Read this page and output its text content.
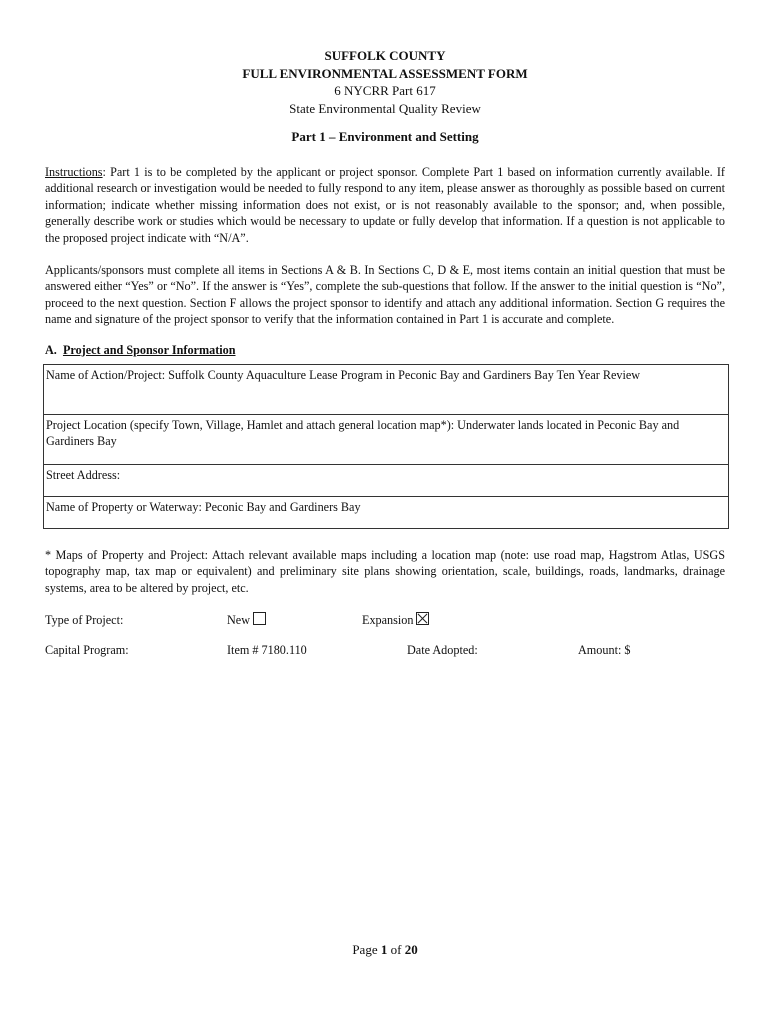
SUFFOLK COUNTY
FULL ENVIRONMENTAL ASSESSMENT FORM
6 NYCRR Part 617
State Environmental Quality Review
Part 1 – Environment and Setting
Instructions: Part 1 is to be completed by the applicant or project sponsor. Complete Part 1 based on information currently available. If additional research or investigation would be needed to fully respond to any item, please answer as thoroughly as possible based on current information; indicate whether missing information does not exist, or is not reasonably available to the sponsor; and, when possible, generally describe work or studies which would be necessary to update or fully develop that information. If a question is not applicable to the proposed project indicate with “N/A”.
Applicants/sponsors must complete all items in Sections A & B. In Sections C, D & E, most items contain an initial question that must be answered either “Yes” or “No”. If the answer is “Yes”, complete the sub-questions that follow. If the answer to the initial question is “No”, proceed to the next question. Section F allows the project sponsor to identify and attach any additional information. Section G requires the name and signature of the project sponsor to verify that the information contained in Part 1 is accurate and complete.
A. Project and Sponsor Information
Name of Action/Project: Suffolk County Aquaculture Lease Program in Peconic Bay and Gardiners Bay Ten Year Review
Project Location (specify Town, Village, Hamlet and attach general location map*): Underwater lands located in Peconic Bay and Gardiners Bay
Street Address:
Name of Property or Waterway: Peconic Bay and Gardiners Bay
* Maps of Property and Project: Attach relevant available maps including a location map (note: use road map, Hagstrom Atlas, USGS topography map, tax map or equivalent) and preliminary site plans showing orientation, scale, buildings, roads, landmarks, drainage systems, area to be altered by project, etc.
Type of Project:	New	Expansion
Capital Program:	Item # 7180.110	Date Adopted:	Amount: $
Page 1 of 20
